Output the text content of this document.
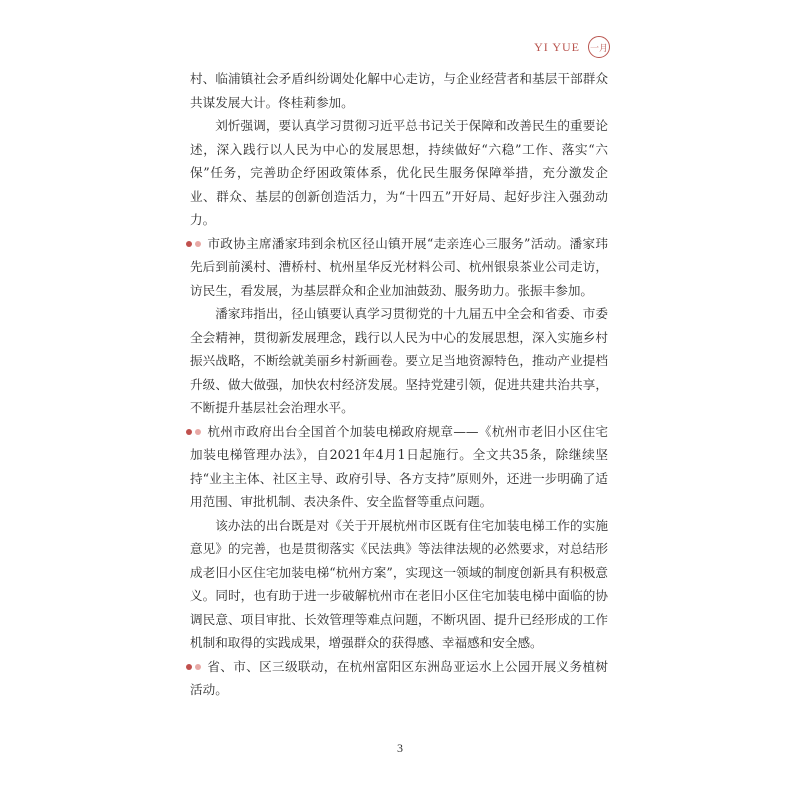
YI YUE 一月

村、临浦镇社会矛盾纠纷调处化解中心走访，与企业经营者和基层干部群众共谋发展大计。佟桂莉参加。

刘忻强调，要认真学习贯彻习近平总书记关于保障和改善民生的重要论述，深入践行以人民为中心的发展思想，持续做好“六稳”工作、落实“六保”任务，完善助企纾困政策体系，优化民生服务保障举措，充分激发企业、群众、基层的创新创造活力，为“十四五”开好局、起好步注入强劲动力。

市政协主席潘家玮到余杭区径山镇开展“走亲连心三服务”活动。潘家玮先后到前溪村、漕桥村、杭州星华反光材料公司、杭州银泉茶业公司走访，访民生，看发展，为基层群众和企业加油鼓劲、服务助力。张振丰参加。

潘家玮指出，径山镇要认真学习贯彻党的十九届五中全会和省委、市委全会精神，贯彻新发展理念，践行以人民为中心的发展思想，深入实施乡村振兴战略，不断绘就美丽乡村新画卷。要立足当地资源特色，推动产业提档升级、做大做强，加快农村经济发展。坚持党建引领，促进共建共治共享，不断提升基层社会治理水平。

杭州市政府出台全国首个加装电梯政府规章——《杭州市老旧小区住宅加装电梯管理办法》，自2021年4月1日起施行。全文共35条，除继续坚持“业主主体、社区主导、政府引导、各方支持”原则外，还进一步明确了适用范围、审批机制、表决条件、安全监督等重点问题。

该办法的出台既是对《关于开展杭州市区既有住宅加装电梯工作的实施意见》的完善，也是贯彻落实《民法典》等法律法规的必然要求，对总结形成老旧小区住宅加装电梯“杭州方案”，实现这一领域的制度创新具有积极意义。同时，也有助于进一步破解杭州市在老旧小区住宅加装电梯中面临的协调民意、项目审批、长效管理等难点问题，不断巩固、提升已经形成的工作机制和取得的实践成果，增强群众的获得感、幸福感和安全感。

省、市、区三级联动，在杭州富阳区东洲岛亚运水上公园开展义务植树活动。

3
